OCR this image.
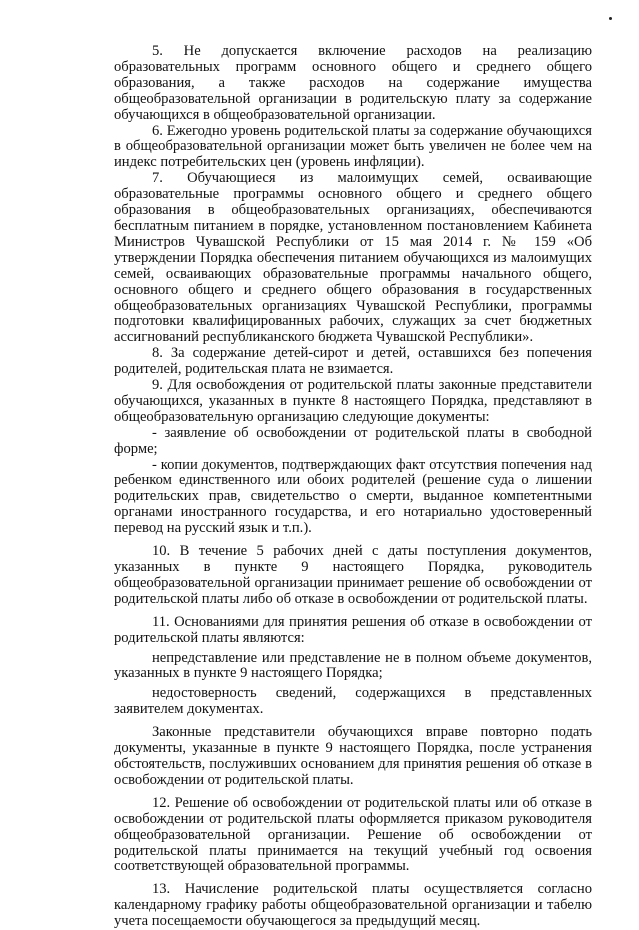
5. Не допускается включение расходов на реализацию образовательных программ основного общего и среднего общего образования, а также расходов на содержание имущества общеобразовательной организации в родительскую плату за содержание обучающихся в общеобразовательной организации.

6. Ежегодно уровень родительской платы за содержание обучающихся в общеобразовательной организации может быть увеличен не более чем на индекс потребительских цен (уровень инфляции).

7. Обучающиеся из малоимущих семей, осваивающие образовательные программы основного общего и среднего общего образования в общеобразовательных организациях, обеспечиваются бесплатным питанием в порядке, установленном постановлением Кабинета Министров Чувашской Республики от 15 мая 2014 г. № 159 «Об утверждении Порядка обеспечения питанием обучающихся из малоимущих семей, осваивающих образовательные программы начального общего, основного общего и среднего общего образования в государственных общеобразовательных организациях Чувашской Республики, программы подготовки квалифицированных рабочих, служащих за счет бюджетных ассигнований республиканского бюджета Чувашской Республики».

8. За содержание детей-сирот и детей, оставшихся без попечения родителей, родительская плата не взимается.

9. Для освобождения от родительской платы законные представители обучающихся, указанных в пункте 8 настоящего Порядка, представляют в общеобразовательную организацию следующие документы:

- заявление об освобождении от родительской платы в свободной форме;

- копии документов, подтверждающих факт отсутствия попечения над ребенком единственного или обоих родителей (решение суда о лишении родительских прав, свидетельство о смерти, выданное компетентными органами иностранного государства, и его нотариально удостоверенный перевод на русский язык и т.п.).

10. В течение 5 рабочих дней с даты поступления документов, указанных в пункте 9 настоящего Порядка, руководитель общеобразовательной организации принимает решение об освобождении от родительской платы либо об отказе в освобождении от родительской платы.

11. Основаниями для принятия решения об отказе в освобождении от родительской платы являются:

непредставление или представление не в полном объеме документов, указанных в пункте 9 настоящего Порядка;

недостоверность сведений, содержащихся в представленных заявителем документах.

Законные представители обучающихся вправе повторно подать документы, указанные в пункте 9 настоящего Порядка, после устранения обстоятельств, послуживших основанием для принятия решения об отказе в освобождении от родительской платы.

12. Решение об освобождении от родительской платы или об отказе в освобождении от родительской платы оформляется приказом руководителя общеобразовательной организации. Решение об освобождении от родительской платы принимается на текущий учебный год освоения соответствующей образовательной программы.

13. Начисление родительской платы осуществляется согласно календарному графику работы общеобразовательной организации и табелю учета посещаемости обучающегося за предыдущий месяц.
